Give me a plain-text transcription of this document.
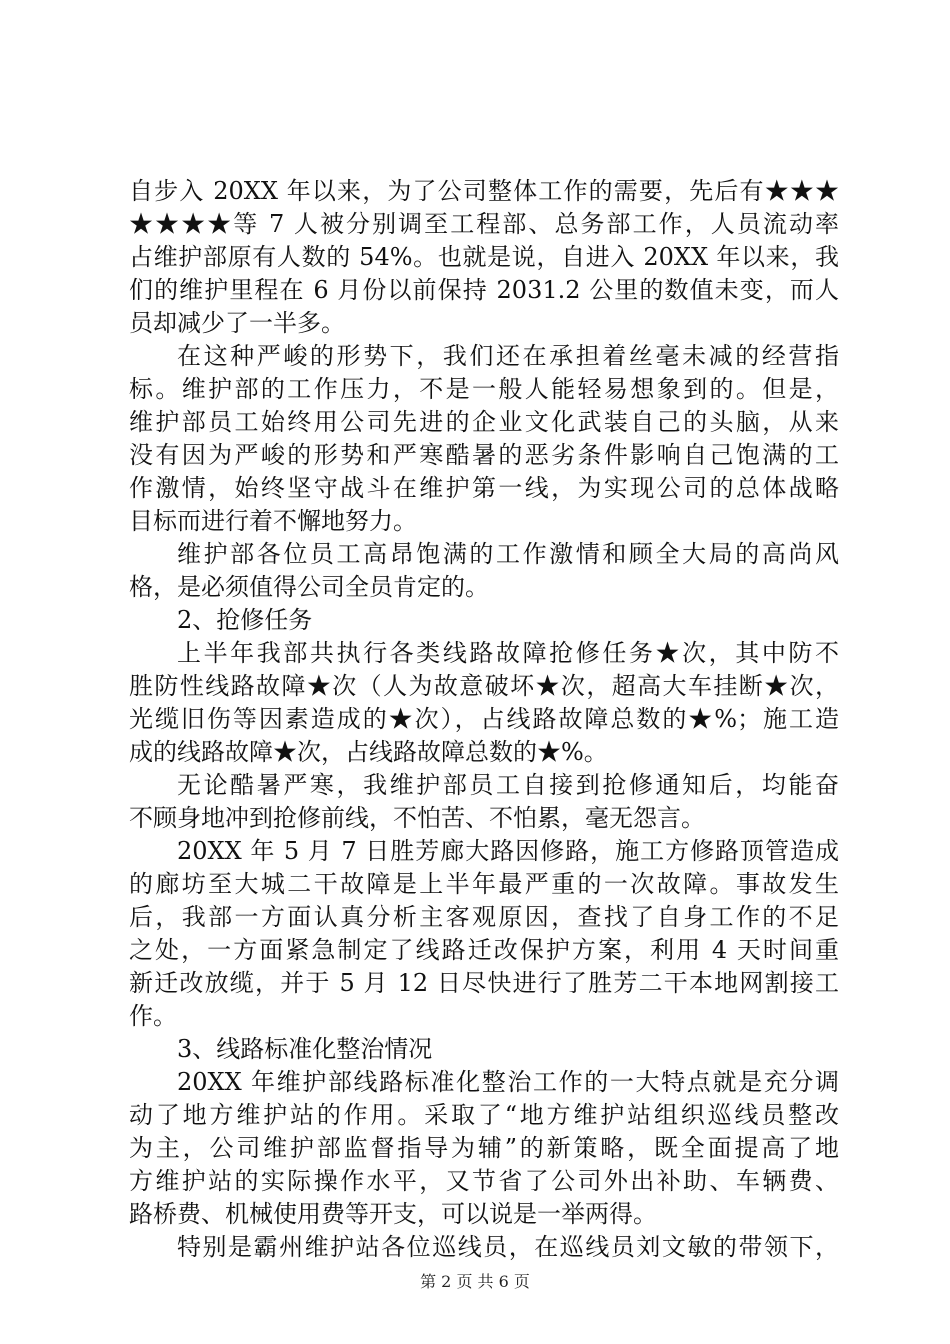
自步入 20XX 年以来，为了公司整体工作的需要，先后有★★★
★★★★等 7 人被分别调至工程部、总务部工作，人员流动率
占维护部原有人数的 54%。也就是说，自进入 20XX 年以来，我
们的维护里程在 6 月份以前保持 2031.2 公里的数值未变，而人
员却减少了一半多。
在这种严峻的形势下，我们还在承担着丝毫未减的经营指
标。维护部的工作压力，不是一般人能轻易想象到的。但是，
维护部员工始终用公司先进的企业文化武装自己的头脑，从来
没有因为严峻的形势和严寒酷暑的恶劣条件影响自己饱满的工
作激情，始终坚守战斗在维护第一线，为实现公司的总体战略
目标而进行着不懈地努力。
维护部各位员工高昂饱满的工作激情和顾全大局的高尚风
格，是必须值得公司全员肯定的。
2、抢修任务
上半年我部共执行各类线路故障抢修任务★次，其中防不
胜防性线路故障★次（人为故意破坏★次，超高大车挂断★次，
光缆旧伤等因素造成的★次），占线路故障总数的★%；施工造
成的线路故障★次，占线路故障总数的★%。
无论酷暑严寒，我维护部员工自接到抢修通知后，均能奋
不顾身地冲到抢修前线，不怕苦、不怕累，毫无怨言。
20XX 年 5 月 7 日胜芳廊大路因修路，施工方修路顶管造成
的廊坊至大城二干故障是上半年最严重的一次故障。事故发生
后，我部一方面认真分析主客观原因，查找了自身工作的不足
之处，一方面紧急制定了线路迁改保护方案，利用 4 天时间重
新迁改放缆，并于 5 月 12 日尽快进行了胜芳二干本地网割接工
作。
3、线路标准化整治情况
20XX 年维护部线路标准化整治工作的一大特点就是充分调
动了地方维护站的作用。采取了“地方维护站组织巡线员整改
为主，公司维护部监督指导为辅”的新策略，既全面提高了地
方维护站的实际操作水平，又节省了公司外出补助、车辆费、
路桥费、机械使用费等开支，可以说是一举两得。
特别是霸州维护站各位巡线员，在巡线员刘文敏的带领下，
第 2 页 共 6 页
